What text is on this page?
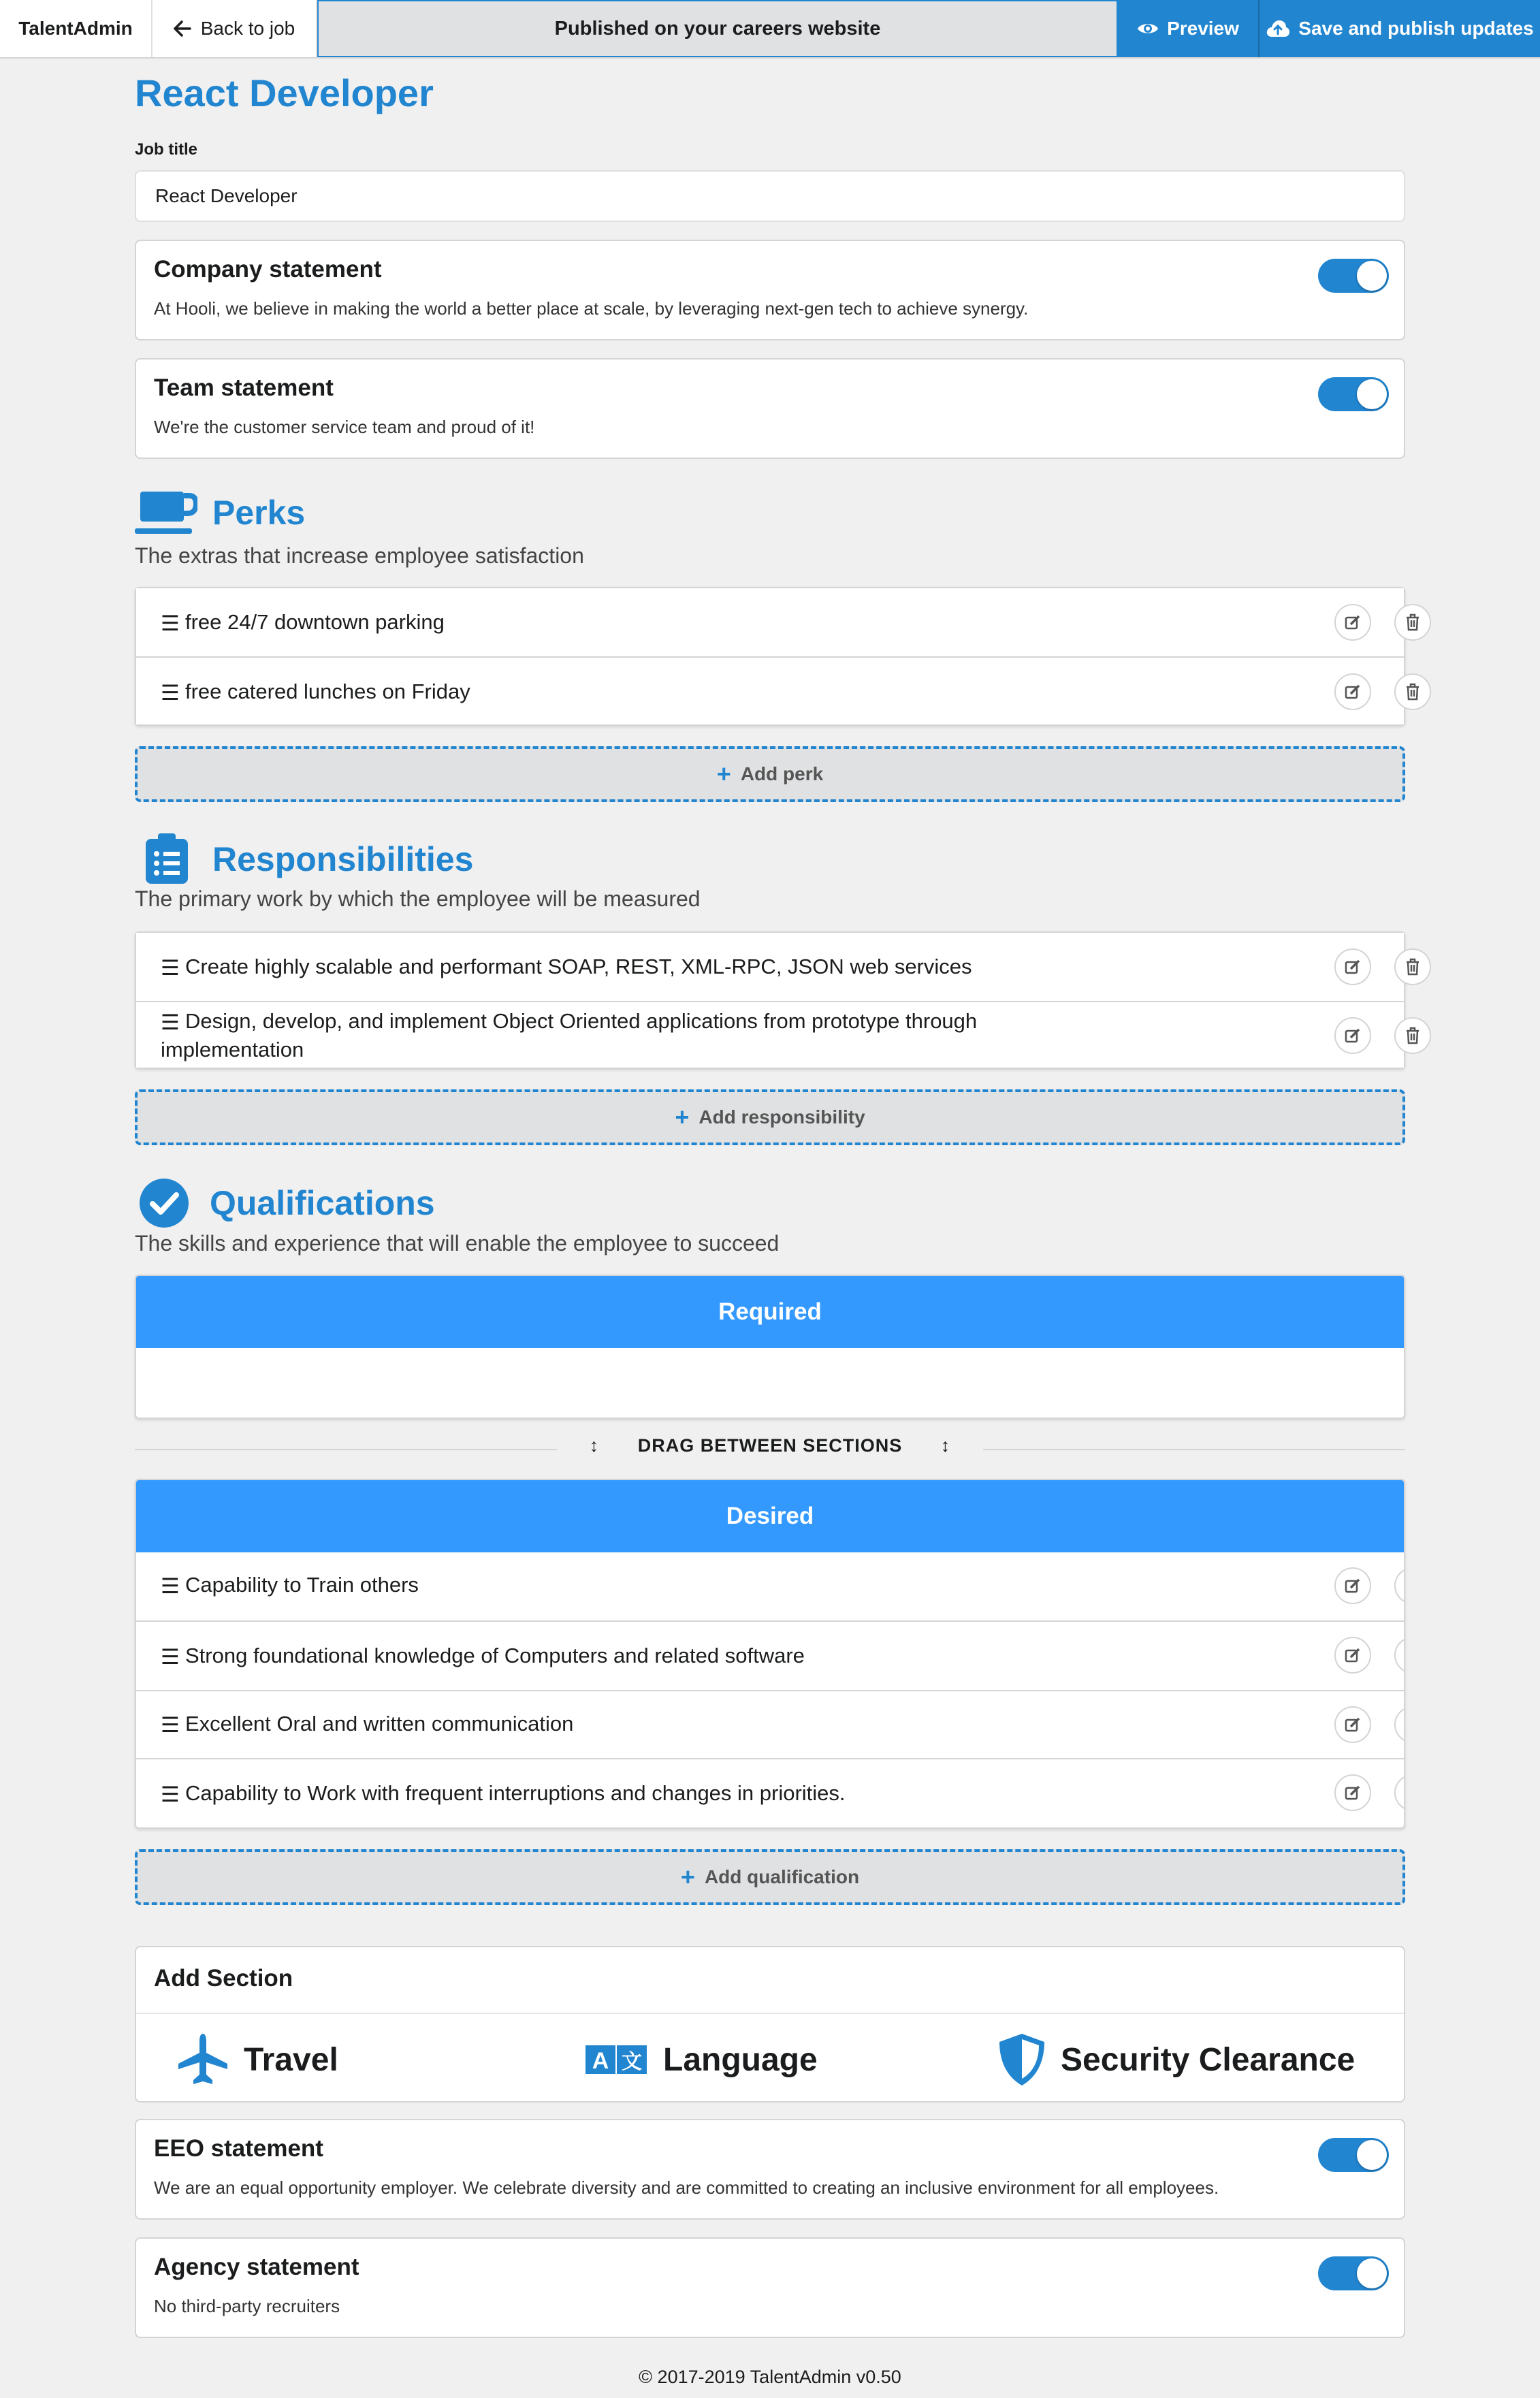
TalentAdmin	Back to job	Published on your careers website	Preview	Save and publish updates
React Developer
Job title
React Developer
Company statement
At Hooli, we believe in making the world a better place at scale, by leveraging next-gen tech to achieve synergy.
Team statement
We're the customer service team and proud of it!
Perks
The extras that increase employee satisfaction
☰ free 24/7 downtown parking
☰ free catered lunches on Friday
+ Add perk
Responsibilities
The primary work by which the employee will be measured
☰ Create highly scalable and performant SOAP, REST, XML-RPC, JSON web services
☰ Design, develop, and implement Object Oriented applications from prototype through implementation
+ Add responsibility
Qualifications
The skills and experience that will enable the employee to succeed
Required
↕ DRAG BETWEEN SECTIONS ↕
Desired
☰ Capability to Train others
☰ Strong foundational knowledge of Computers and related software
☰ Excellent Oral and written communication
☰ Capability to Work with frequent interruptions and changes in priorities.
+ Add qualification
Add Section
Travel	A 文 Language	Security Clearance
EEO statement
We are an equal opportunity employer. We celebrate diversity and are committed to creating an inclusive environment for all employees.
Agency statement
No third-party recruiters
© 2017-2019 TalentAdmin v0.50
